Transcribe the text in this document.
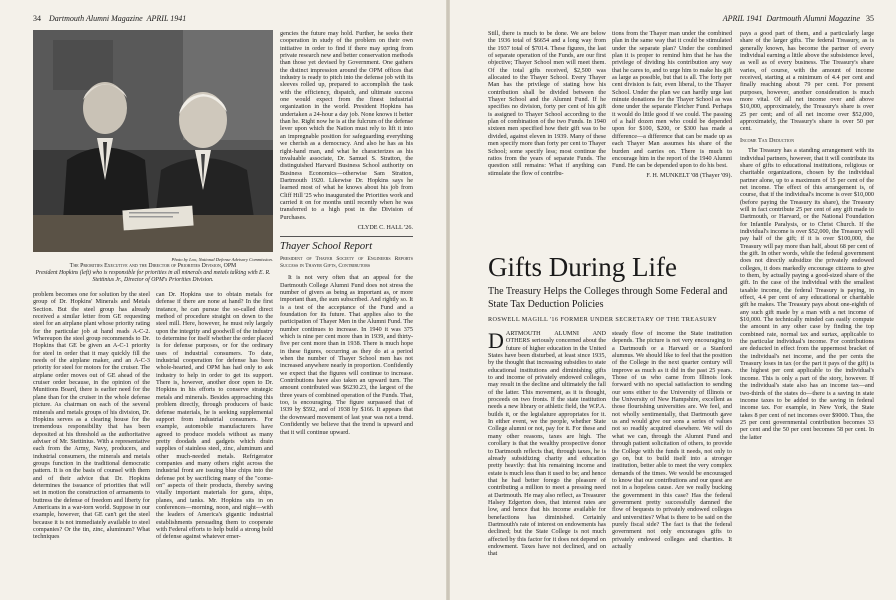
34 Dartmouth Alumni Magazine APRIL 1941
Photo by Loo, National Defense Advisory Commission.
The Priorities Executive and the Director of Priorities Division, OPM
President Hopkins (left) who is responsible for priorities in all minerals and metals talking with E. R. Stettinius Jr., Director of OPM's Priorities Division.

problem becomes one for solution by the steel group of Dr. Hopkins' Minerals and Metals Section. But the steel group has already received a similar letter from GE requesting steel for an airplane plant whose priority rating for the particular job at hand reads A-C-2. Whereupon the steel group recommends to Dr. Hopkins that GE be given an A-C-1 priority for steel in order that it may quickly fill the needs of the airplane maker, and an A-C-3 priority for steel for motors for the cruiser. The airplane order moves out of GE ahead of the cruiser order because, in the opinion of the Munitions Board, there is earlier need for the plane than for the cruiser in the whole defense picture. As chairman on each of the several minerals and metals groups of his division, Dr. Hopkins serves as a clearing house for the tremendous responsibility that has been deposited at his threshold as the authoritative adviser of Mr. Stettinius. With a representative each from the Army, Navy, producers, and industrial consumers, the minerals and metals groups function in the traditional democratic pattern. It is on the basis of counsel with them and of their advice that Dr. Hopkins determines the issuance of priorities that will set in motion the construction of armaments to buttress the defense of freedom and liberty for Americans in a war-torn world. Suppose in our example, however, that GE can't get the steel because it is not immediately available to steel companies? Or the tin, zinc, aluminum? What techniques

can Dr. Hopkins use to obtain metals for defense if there are none at hand? In the first instance, he can pursue the so-called direct method of procedure straight on down to the steel mill. Here, however, he must rely largely upon the integrity and goodwill of the industry to determine for itself whether the order placed is for defense purposes, or for the ordinary uses of industrial consumers. To date, industrial cooperation for defense has been whole-hearted, and OPM has had only to ask industry to help in order to get its support. There is, however, another door open to Dr. Hopkins in his efforts to conserve strategic metals and minerals. Besides approaching this problem directly, through producers of basic defense materials, he is seeking supplemental support from industrial consumers. For example, automobile manufacturers have agreed to produce models without as many pretty doodads and gadgets which drain supplies of stainless steel, zinc, aluminum and other much-needed metals. Refrigerator companies and many others right across the industrial front are issuing blue chips into the defense pot by sacrificing many of the "come-on" aspects of their products, thereby saving vitally important materials for guns, ships, planes, and tanks. Mr. Hopkins sits in on conferences—morning, noon, and night—with the leaders of America's gigantic industrial establishments persuading them to cooperate with Federal efforts to help build a strong hold of defense against whatever emer-

gencies the future may hold. Further, he seeks their cooperation in study of the problem on their own initiative in order to find if there may spring from private research new and better conservation methods than those yet devised by Government. One gathers the distinct impression around the OPM offices that industry is ready to pitch into the defense job with its sleeves rolled up, prepared to accomplish the task with the efficiency, dispatch, and ultimate success one would expect from the finest industrial organization in the world. President Hopkins has undertaken a 24-hour a day job. None knows it better than he. Right now he is at the fulcrum of the defense lever upon which the Nation must rely to lift it into an impregnable position for safeguarding everything we cherish as a democracy. And also he has as his right-hand man, and what he characterizes as his invaluable associate, Dr. Samuel S. Stratton, the distinguished Harvard Business School authority on Business Economics—otherwise Sam Stratton, Dartmouth 1920. Likewise Dr. Hopkins says he learned most of what he knows about his job from Cliff Hill '25 who inaugurated the Priorities work and carried it on for months until recently when he was transferred to a high post in the Division of Purchases.

CLYDE C. HALL '26.
Thayer School Report
President of Thayer Society of Engineers Reports Success in Thayer Gifts, Contributors

It is not very often that an appeal for the Dartmouth College Alumni Fund does not stress the number of givers as being as important as, or more important than, the sum subscribed. And rightly so. It is a test of the acceptance of the Fund and a foundation for its future. That applies also to the participation of Thayer Men in the Alumni Fund. The number continues to increase. In 1940 it was 375 which is nine per cent more than in 1939, and thirty-five per cent more than in 1938. There is much hope in these figures, occurring as they do at a period when the number of Thayer School men has not increased anywhere nearly in proportion. Confidently we expect that the figures will continue to increase. Contributions have also taken an upward turn. The amount contributed was $6230.23, the largest of the three years of combined operation of the Funds. That, too, is encouraging. The figure surpassed that of 1939 by $592, and of 1938 by $166. It appears that the downward movement of last year was not a trend. Confidently we believe that the trend is upward and that it will continue upward.

APRIL 1941 Dartmouth Alumni Magazine 35

Still, there is much to be done. We are below the 1936 total of $6654 and a long way from the 1937 total of $7014. These figures, the last of separate operation of the Funds, are our first objective; Thayer School men will meet them. Of the total gifts received, $2,500 was allocated to the Thayer School. Every Thayer Man has the privilege of stating how his contribution shall be divided between the Thayer School and the Alumni Fund. If he specifies no division, forty per cent of his gift is assigned to Thayer School according to the plan of combination of the two Funds. In 1940 sixteen men specified how their gift was to be divided, against eleven in 1939. Many of these men specify more than forty per cent to Thayer School; some specify less; most continue the ratios from the years of separate Funds. The question still remains: What if anything can stimulate the flow of contribu-

tions from the Thayer man under the combined plan in the same way that it could be stimulated under the separate plan? Under the combined plan it is proper to remind him that he has the privilege of dividing his contribution any way that he cares to, and to urge him to make his gift as large as possible, but that is all. The forty per cent division is fair, even liberal, to the Thayer School. Under the plan we can hardly urge last minute donations for the Thayer School as was done under the separate Fletcher Fund. Perhaps it would do little good if we could. The passing of a half dozen men who could be depended upon for $100, $200, or $300 has made a difference—a difference that can be made up as each Thayer Man assumes his share of the burden and carries on. There is much to encourage him in the report of the 1940 Alumni Fund. He can be depended upon to do his best.

F. H. MUNKELT '08 (Thayer '09).
Gifts During Life
The Treasury Helps the Colleges through Some Federal and State Tax Deduction Policies
ROSWELL MAGILL '16 FORMER UNDER SECRETARY OF THE TREASURY

DARTMOUTH ALUMNI AND OTHERS seriously concerned about the future of higher education in the United States have been disturbed, at least since 1935, by the thought that increasing subsidies to state educational institutions and diminishing gifts to and income of privately endowed colleges, may result in the decline and ultimately the fall of the latter. This movement, as it is thought, proceeds on two fronts. If the state institution needs a new library or athletic field, the W.P.A. builds it, or the legislature appropriates for it. In either event, we the people, whether State College alumni or not, pay for it. For these and many other reasons, taxes are high. The corollary is that the wealthy prospective donor to Dartmouth reflects that, through taxes, he is already subsidizing charity and education pretty heavily: that his remaining income and estate is much less than it used to be; and hence that he had better forego the pleasure of contributing a million to meet a pressing need at Dartmouth. He may also reflect, as Treasurer Halsey Edgerton does, that interest rates are low, and hence that his income available for benefactions has diminished. Certainly Dartmouth's rate of interest on endowments has declined; but the State College is not much affected by this factor for it does not depend on endowment. Taxes have not declined, and on that

steady flow of income the State institution depends. The picture is not very encouraging to a Dartmouth or a Harvard or a Stanford alumnus. We should like to feel that the position of the College in the next quarter century will improve as much as it did in the past 25 years. Those of us who came from Illinois look forward with no special satisfaction to sending our sons either to the University of Illinois or the University of New Hampshire, excellent as those flourishing universities are. We feel, and not wholly sentimentally, that Dartmouth gave us and would give our sons a series of values not so readily acquired elsewhere. We will do what we can, through the Alumni Fund and through patient solicitation of others, to provide the College with the funds it needs, not only to go on, but to build itself into a stronger institution, better able to meet the very complex demands of the times. We would be encouraged to know that our contributions and our quest are not in a hopeless cause. Are we really bucking the government in this case? Has the federal government pretty successfully damned the flow of bequests to privately endowed colleges and universities? What is there to be said on the purely fiscal side? The fact is that the federal government not only encourages gifts to privately endowed colleges and charities. It actually

pays a good part of them, and a particularly large share of the larger gifts. The federal Treasury, as is generally known, has become the partner of every individual earning a little above the subsistence level, as well as of every business. The Treasury's share varies, of course, with the amount of income received, starting at a minimum of 4.4 per cent and finally reaching about 79 per cent. For present purposes, however, another consideration is much more vital. Of all net income over and above $10,000, approximately, the Treasury's share is over 25 per cent; and of all net income over $52,000, approximately, the Treasury's share is over 50 per cent.

Income Tax Deduction

The Treasury has a standing arrangement with its individual partners, however, that it will contribute its share of gifts to educational institutions, religious or charitable organizations, chosen by the individual partner alone, up to a maximum of 15 per cent of the net income. The effect of this arrangement is, of course, that if the individual's income is over $10,000 (before paying the Treasury its share), the Treasury will in fact contribute 25 per cent of any gift made to Dartmouth, or Harvard, or the National Foundation for Infantile Paralysis, or to Christ Church. If the individual's income is over $52,000, the Treasury will pay half of the gift; if it is over $100,000, the Treasury will pay more than half, about 68 per cent of the gift. In other words, while the federal government does not directly subsidize the privately endowed colleges, it does markedly encourage citizens to give to them, by actually paying a good-sized share of the gift. In the case of the individual with the smallest taxable income, the federal Treasury is paying, in effect, 4.4 per cent of any educational or charitable gift he makes. The Treasury pays about one-eighth of any such gift made by a man with a net income of $10,000. The technically minded can easily compute the amount in any other case by finding the top combined rate, normal tax and surtax, applicable to the particular individual's income. For contributions are deducted in effect from the uppermost bracket of the individual's net income, and the per cents the Treasury loses in tax (or the part it pays of the gift) is the highest per cent applicable to the individual's income. This is only a part of the story, however. If the individual's state also has an income tax—and two-thirds of the states do—there is a saving in state income taxes to be added to the saving in federal income tax. For example, in New York, the State takes 8 per cent of net incomes over $9000. Thus, the 25 per cent governmental contribution becomes 33 per cent and the 50 per cent becomes 58 per cent. In the latter
